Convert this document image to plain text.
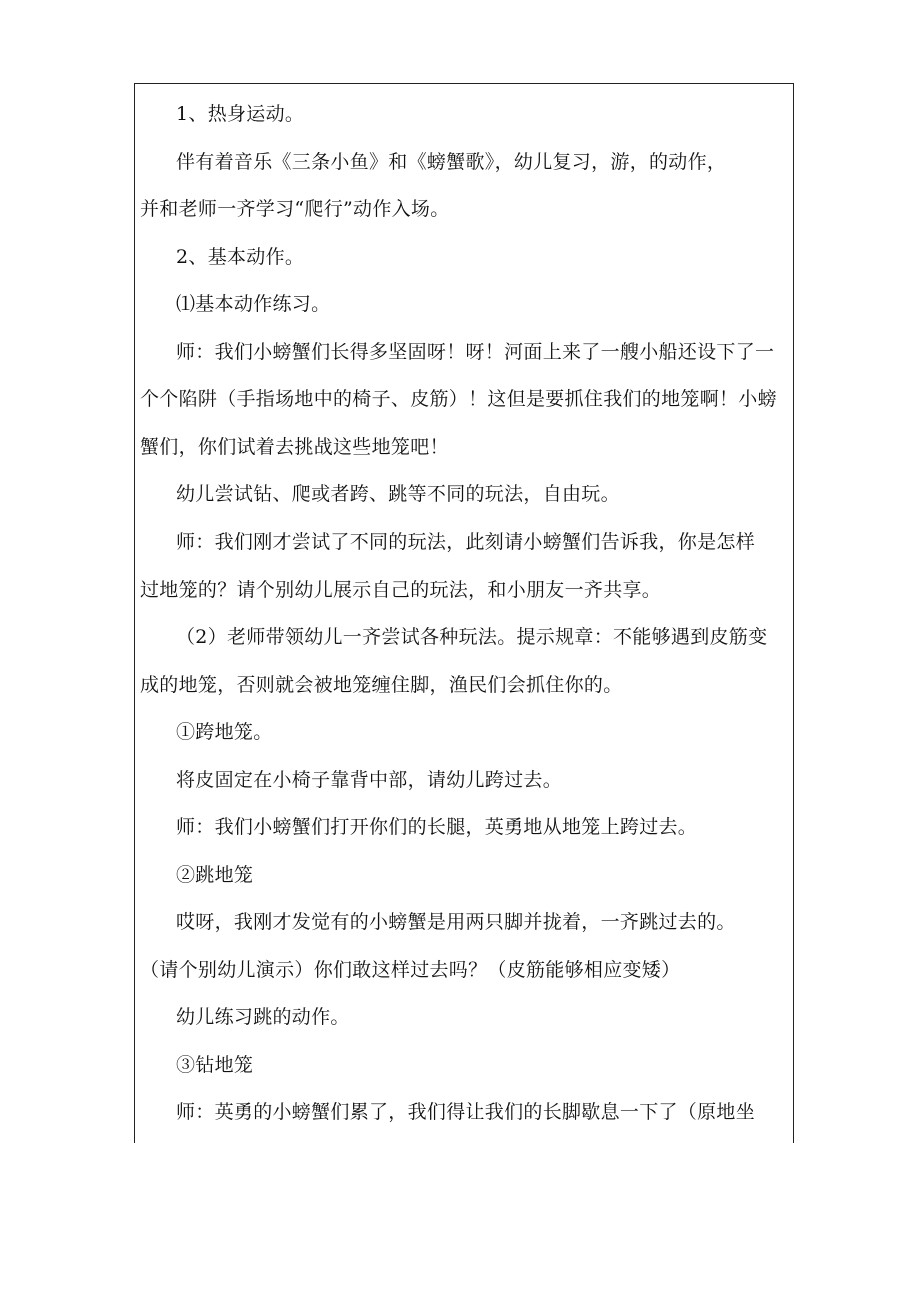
1、热身运动。
伴有着音乐《三条小鱼》和《螃蟹歌》，幼儿复习，游，的动作，
并和老师一齐学习“爬行”动作入场。
2、基本动作。
⑴基本动作练习。
师：我们小螃蟹们长得多坚固呀！呀！河面上来了一艘小船还设下了一
个个陷阱（手指场地中的椅子、皮筋）！这但是要抓住我们的地笼啊！小螃
蟹们，你们试着去挑战这些地笼吧！
幼儿尝试钻、爬或者跨、跳等不同的玩法，自由玩。
师：我们刚才尝试了不同的玩法，此刻请小螃蟹们告诉我，你是怎样
过地笼的？请个别幼儿展示自己的玩法，和小朋友一齐共享。
（2）老师带领幼儿一齐尝试各种玩法。提示规章：不能够遇到皮筋变
成的地笼，否则就会被地笼缠住脚，渔民们会抓住你的。
①跨地笼。
将皮固定在小椅子靠背中部，请幼儿跨过去。
师：我们小螃蟹们打开你们的长腿，英勇地从地笼上跨过去。
②跳地笼
哎呀，我刚才发觉有的小螃蟹是用两只脚并拢着，一齐跳过去的。
（请个别幼儿演示）你们敢这样过去吗？（皮筋能够相应变矮）
幼儿练习跳的动作。
③钻地笼
师：英勇的小螃蟹们累了，我们得让我们的长脚歇息一下了（原地坐
